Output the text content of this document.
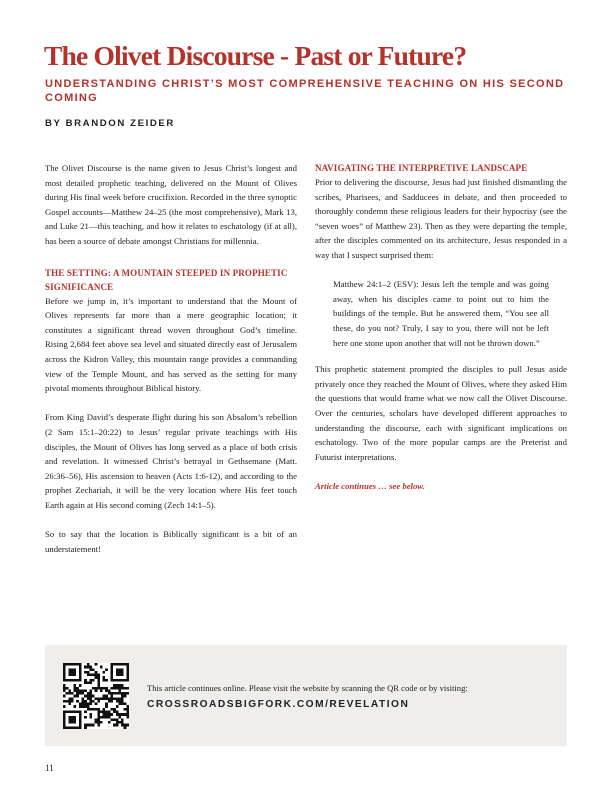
The Olivet Discourse - Past or Future?
UNDERSTANDING CHRIST’S MOST COMPREHENSIVE TEACHING ON HIS SECOND COMING
BY BRANDON ZEIDER

The Olivet Discourse is the name given to Jesus Christ’s longest and most detailed prophetic teaching, delivered on the Mount of Olives during His final week before crucifixion. Recorded in the three synoptic Gospel accounts—Matthew 24–25 (the most comprehensive), Mark 13, and Luke 21—this teaching, and how it relates to eschatology (if at all), has been a source of debate amongst Christians for millennia.

THE SETTING: A MOUNTAIN STEEPED IN PROPHETIC SIGNIFICANCE

Before we jump in, it’s important to understand that the Mount of Olives represents far more than a mere geographic location; it constitutes a significant thread woven throughout God’s timeline. Rising 2,684 feet above sea level and situated directly east of Jerusalem across the Kidron Valley, this mountain range provides a commanding view of the Temple Mount, and has served as the setting for many pivotal moments throughout Biblical history.

From King David’s desperate flight during his son Absalom’s rebellion (2 Sam 15:1–20:22) to Jesus’ regular private teachings with His disciples, the Mount of Olives has long served as a place of both crisis and revelation. It witnessed Christ’s betrayal in Gethsemane (Matt. 26:36–56), His ascension to heaven (Acts 1:6-12), and according to the prophet Zechariah, it will be the very location where His feet touch Earth again at His second coming (Zech 14:1–5).

So to say that the location is Biblically significant is a bit of an understatement!

NAVIGATING THE INTERPRETIVE LANDSCAPE

Prior to delivering the discourse, Jesus had just finished dismantling the scribes, Pharisees, and Sadducees in debate, and then proceeded to thoroughly condemn these religious leaders for their hypocrisy (see the “seven woes” of Matthew 23). Then as they were departing the temple, after the disciples commented on its architecture, Jesus responded in a way that I suspect surprised them:

Matthew 24:1–2 (ESV): Jesus left the temple and was going away, when his disciples came to point out to him the buildings of the temple. But he answered them, “You see all these, do you not? Truly, I say to you, there will not be left here one stone upon another that will not be thrown down.”

This prophetic statement prompted the disciples to pull Jesus aside privately once they reached the Mount of Olives, where they asked Him the questions that would frame what we now call the Olivet Discourse. Over the centuries, scholars have developed different approaches to understanding the discourse, each with significant implications on eschatology. Two of the more popular camps are the Preterist and Futurist interpretations.

Article continues … see below.

This article continues online. Please visit the website by scanning the QR code or by visiting:
CROSSROADSBIGFORK.COM/REVELATION
11
